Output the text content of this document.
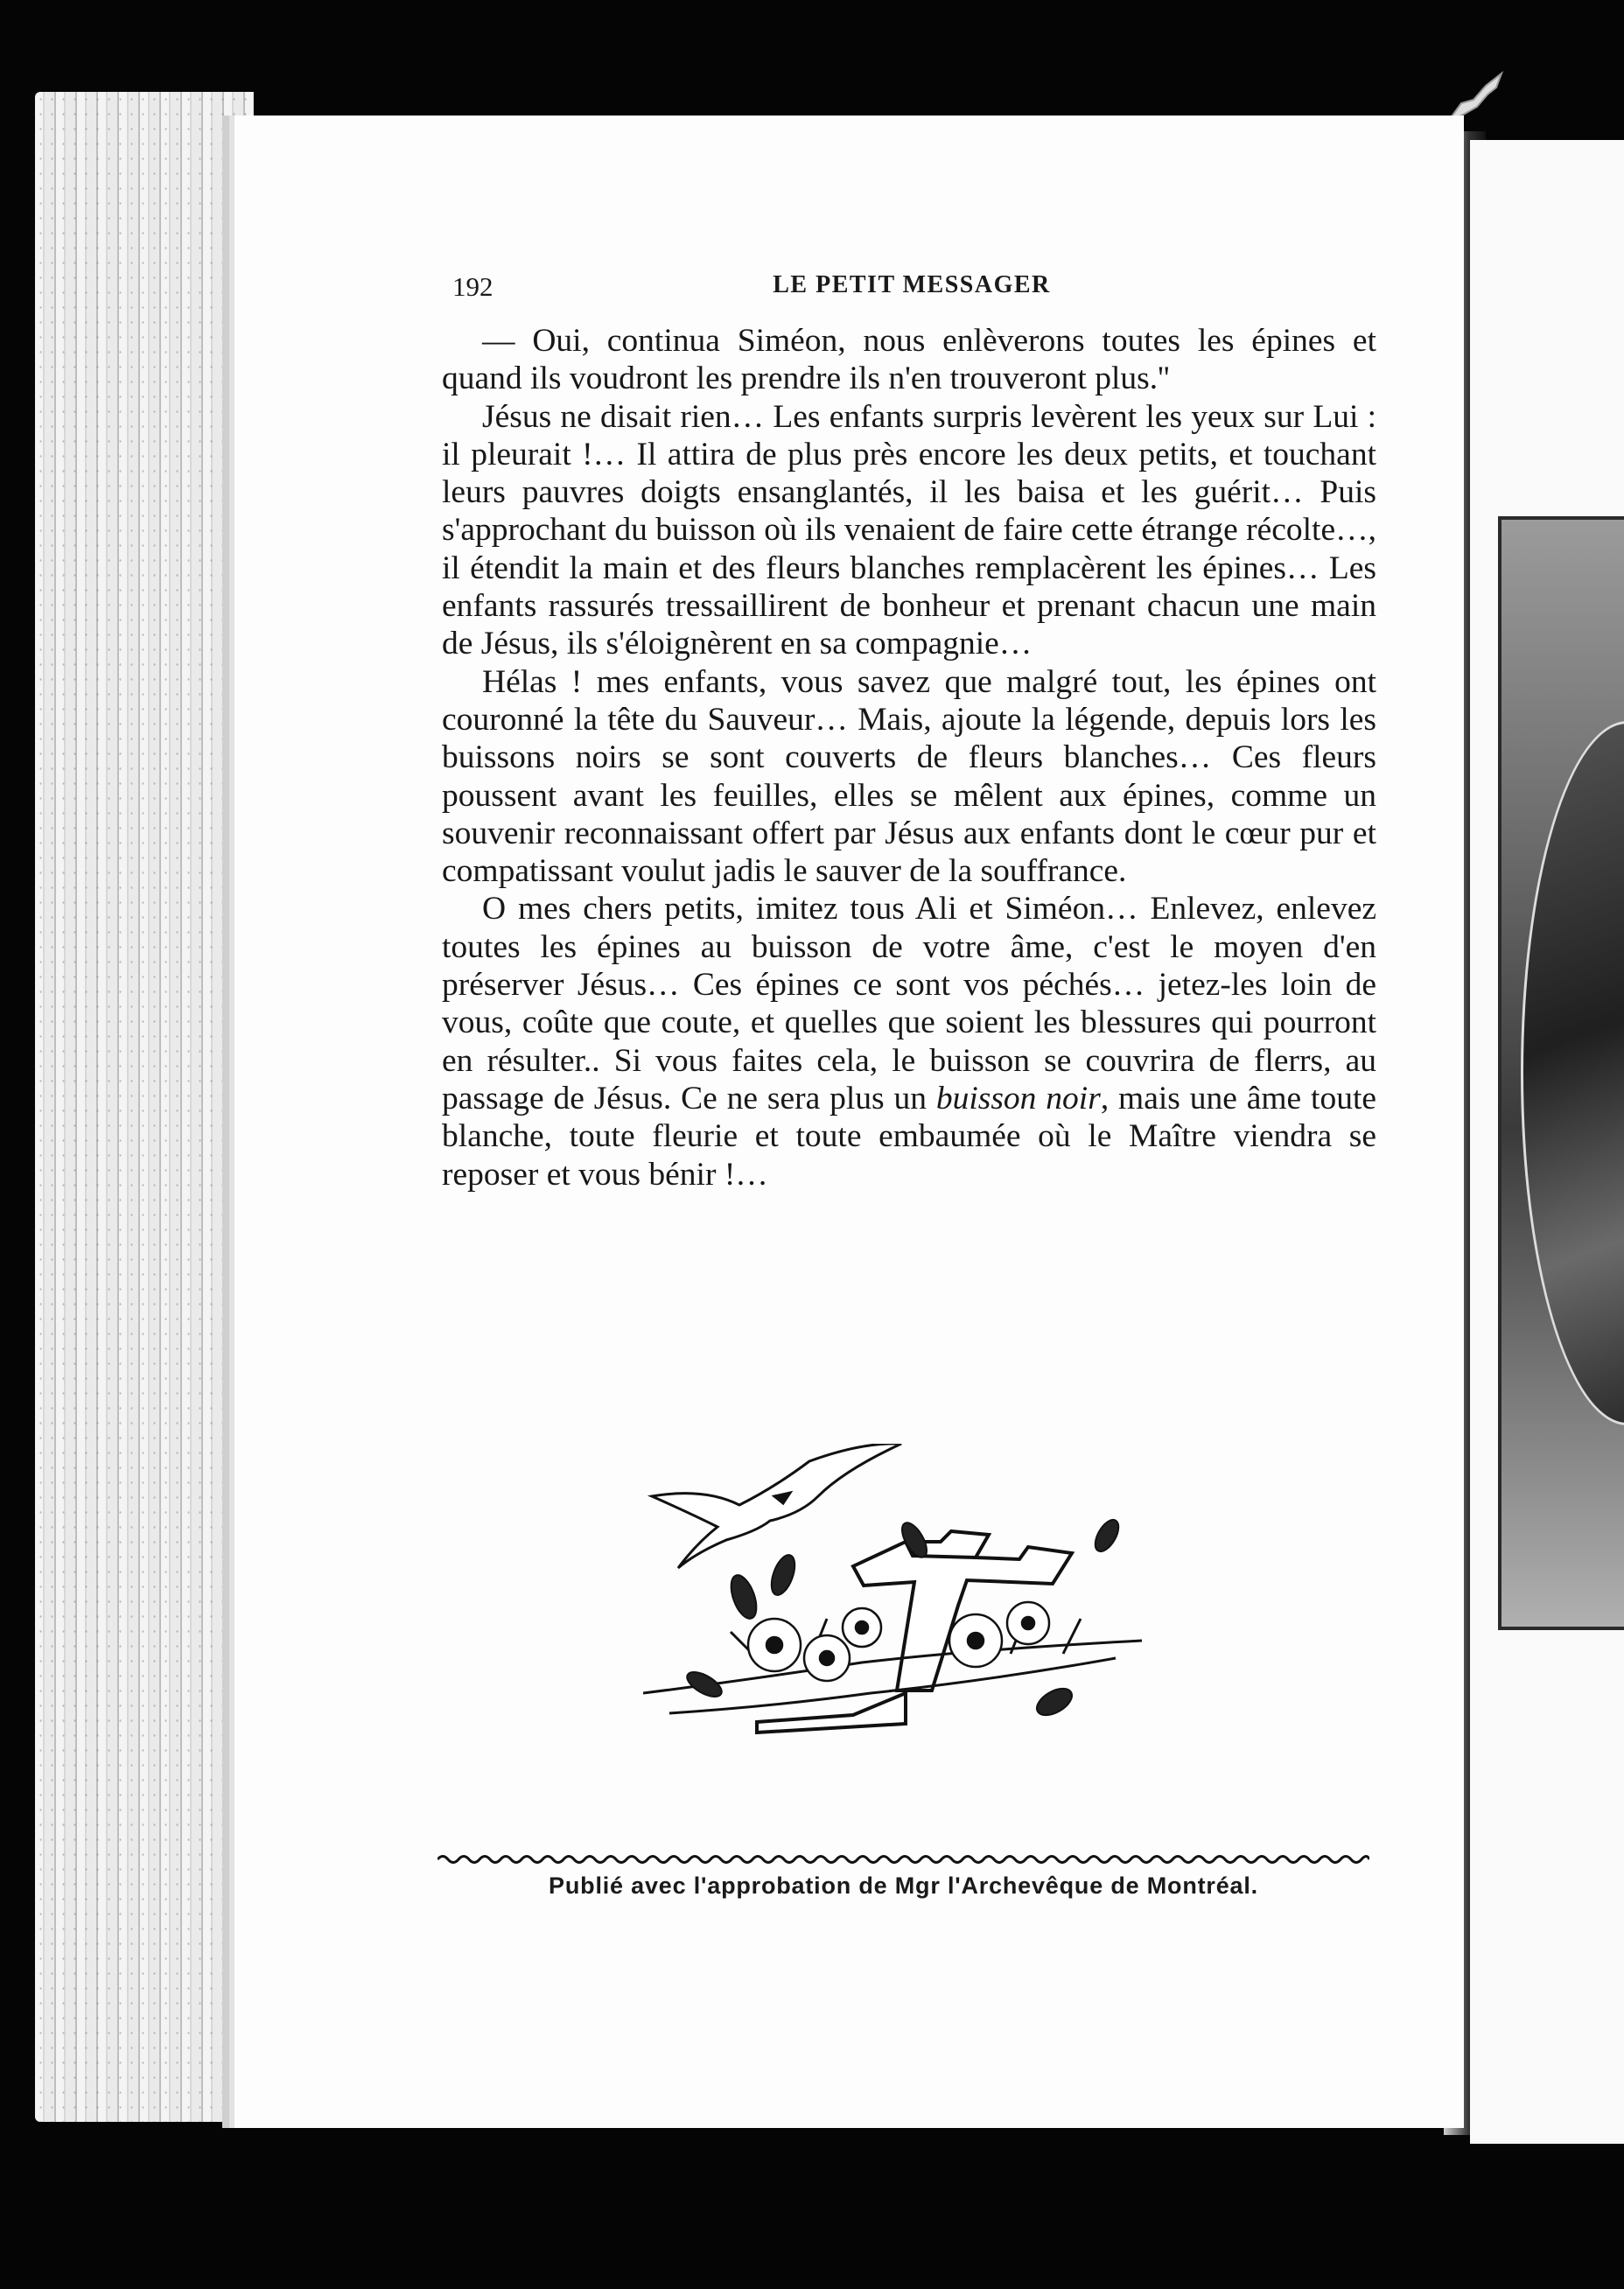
192	LE PETIT MESSAGER

— Oui, continua Siméon, nous enlèverons toutes les épines et quand ils voudront les prendre ils n'en trouveront plus.''

Jésus ne disait rien… Les enfants surpris levèrent les yeux sur Lui : il pleurait !… Il attira de plus près encore les deux petits, et touchant leurs pauvres doigts ensanglantés, il les baisa et les guérit… Puis s'approchant du buisson où ils venaient de faire cette étrange récolte…, il étendit la main et des fleurs blanches remplacèrent les épines… Les enfants rassurés tressaillirent de bonheur et prenant chacun une main de Jésus, ils s'éloignèrent en sa compagnie…

Hélas ! mes enfants, vous savez que malgré tout, les épines ont couronné la tête du Sauveur… Mais, ajoute la légende, depuis lors les buissons noirs se sont couverts de fleurs blanches… Ces fleurs poussent avant les feuilles, elles se mêlent aux épines, comme un souvenir reconnaissant offert par Jésus aux enfants dont le cœur pur et compatissant voulut jadis le sauver de la souffrance.

O mes chers petits, imitez tous Ali et Siméon… Enlevez, enlevez toutes les épines au buisson de votre âme, c'est le moyen d'en préserver Jésus… Ces épines ce sont vos péchés… jetez-les loin de vous, coûte que coute, et quelles que soient les blessures qui pourront en résulter.. Si vous faites cela, le buisson se couvrira de flerrs, au passage de Jésus. Ce ne sera plus un buisson noir, mais une âme toute blanche, toute fleurie et toute embaumée où le Maître viendra se reposer et vous bénir !…

Publié avec l'approbation de Mgr l'Archevêque de Montréal.
